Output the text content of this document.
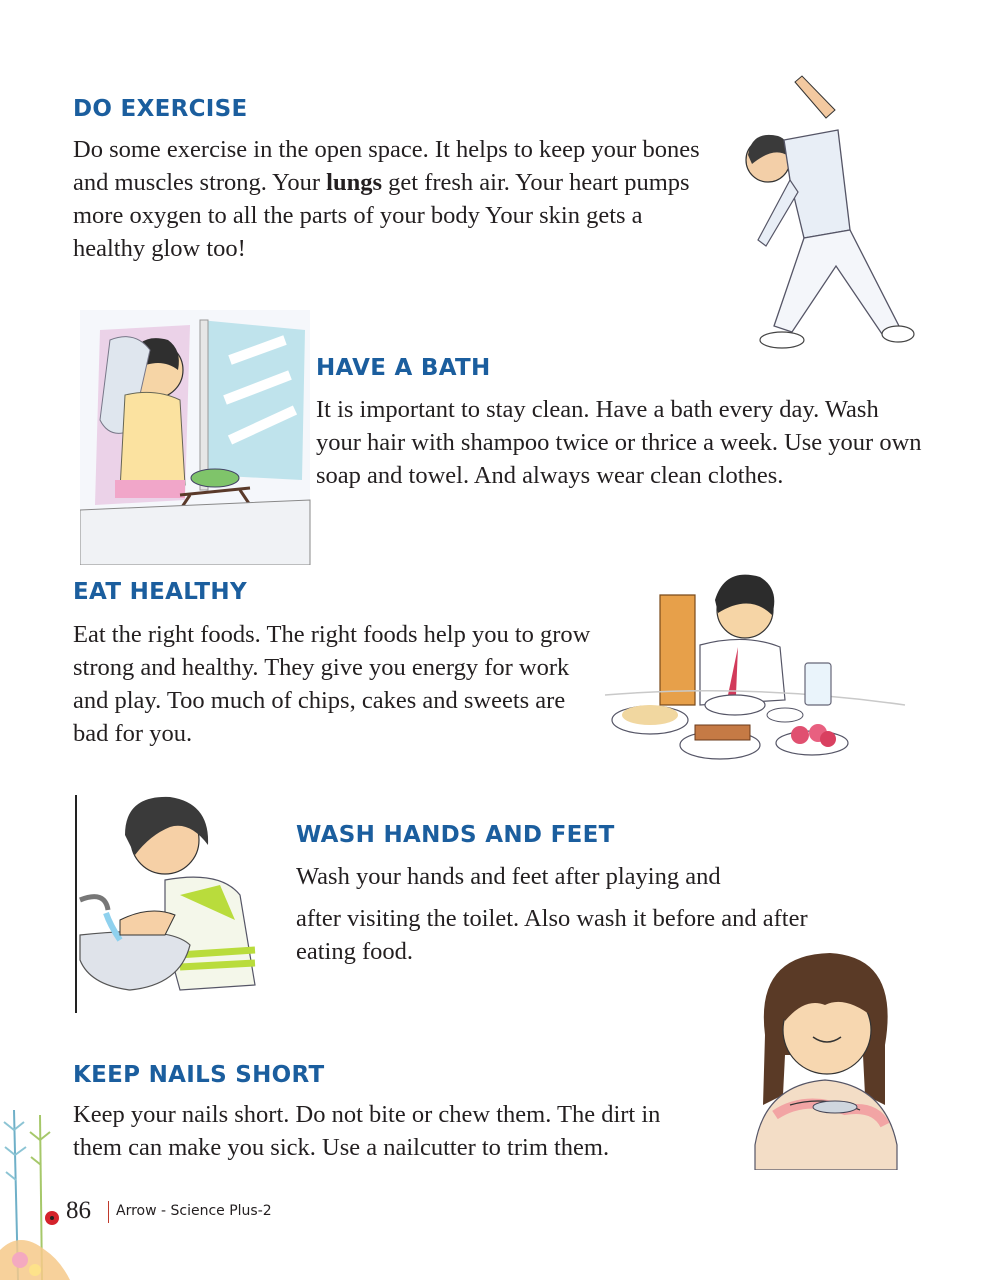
DO EXERCISE

Do some exercise in the open space. It helps to keep your bones and muscles strong. Your lungs get fresh air. Your heart pumps more oxygen to all the parts of your body Your skin gets a healthy glow too!

HAVE A BATH

It is important to stay clean. Have a bath every day. Wash your hair with shampoo twice or thrice a week. Use your own soap and towel. And always wear clean clothes.

EAT HEALTHY

Eat the right foods. The right foods help you to grow strong and healthy. They give you energy for work and play. Too much of chips, cakes and sweets are bad for you.

WASH HANDS AND FEET

Wash your hands and feet after playing and

after visiting the toilet. Also wash it before and after eating food.

KEEP NAILS SHORT

Keep your nails short. Do not bite or chew them. The dirt in them can make you sick. Use a nailcutter to trim them.

86 Arrow - Science Plus-2
